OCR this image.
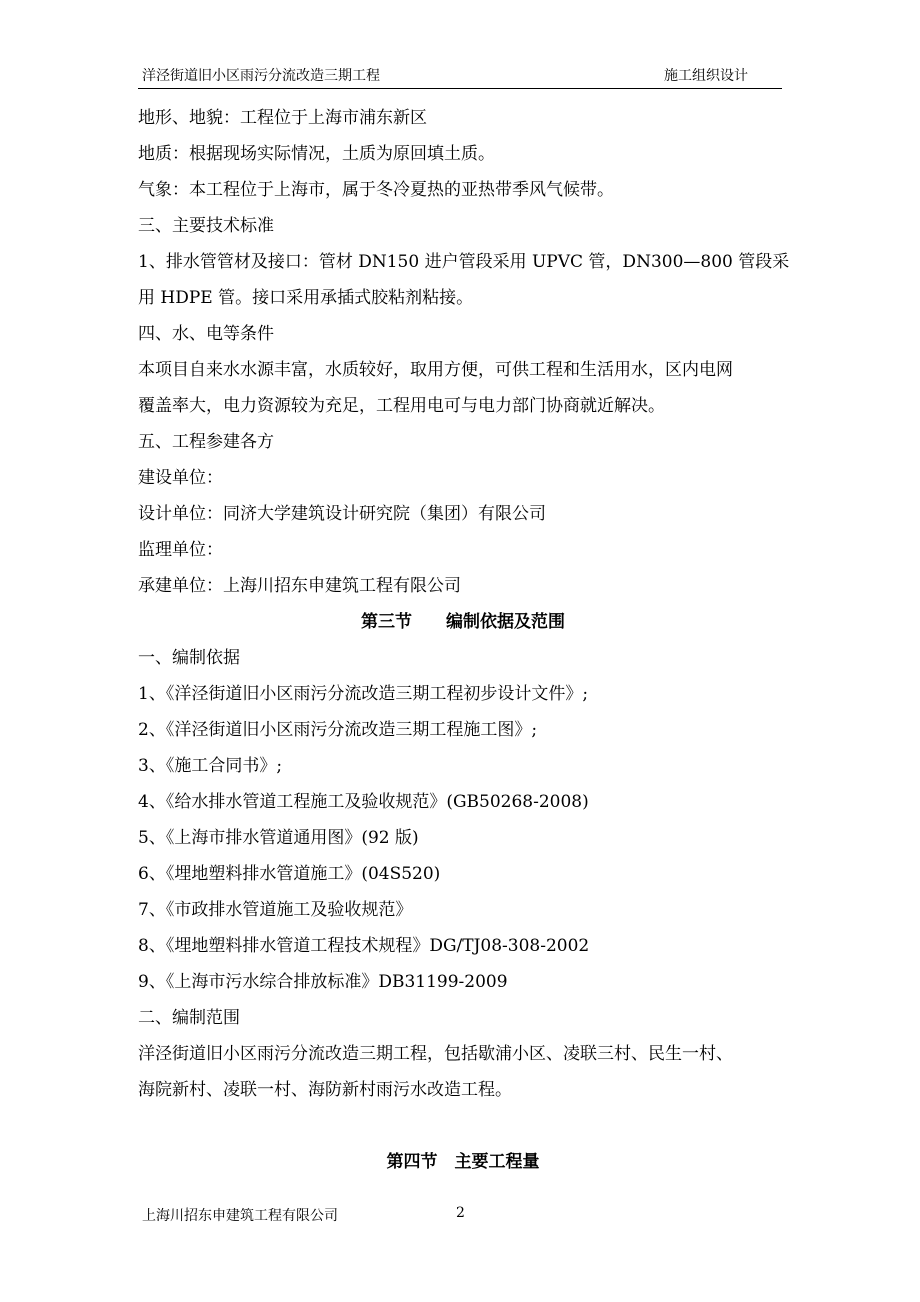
洋泾街道旧小区雨污分流改造三期工程	施工组织设计
地形、地貌：工程位于上海市浦东新区
地质：根据现场实际情况，土质为原回填土质。
气象：本工程位于上海市，属于冬冷夏热的亚热带季风气候带。
三、主要技术标准
1、排水管管材及接口：管材 DN150 进户管段采用 UPVC 管，DN300—800 管段采
用 HDPE 管。接口采用承插式胶粘剂粘接。
四、水、电等条件
本项目自来水水源丰富，水质较好，取用方便，可供工程和生活用水，区内电网
覆盖率大，电力资源较为充足，工程用电可与电力部门协商就近解决。
五、工程参建各方
建设单位：
设计单位：同济大学建筑设计研究院（集团）有限公司
监理单位：
承建单位：上海川招东申建筑工程有限公司
第三节　　编制依据及范围
一、编制依据
1、《洋泾街道旧小区雨污分流改造三期工程初步设计文件》;
2、《洋泾街道旧小区雨污分流改造三期工程施工图》;
3、《施工合同书》;
4、《给水排水管道工程施工及验收规范》(GB50268-2008)
5、《上海市排水管道通用图》(92 版)
6、《埋地塑料排水管道施工》(04S520)
7、《市政排水管道施工及验收规范》
8、《埋地塑料排水管道工程技术规程》DG/TJ08-308-2002
9、《上海市污水综合排放标准》DB31199-2009
二、编制范围
洋泾街道旧小区雨污分流改造三期工程，包括歇浦小区、凌联三村、民生一村、
海院新村、凌联一村、海防新村雨污水改造工程。
第四节　主要工程量
上海川招东申建筑工程有限公司	2
